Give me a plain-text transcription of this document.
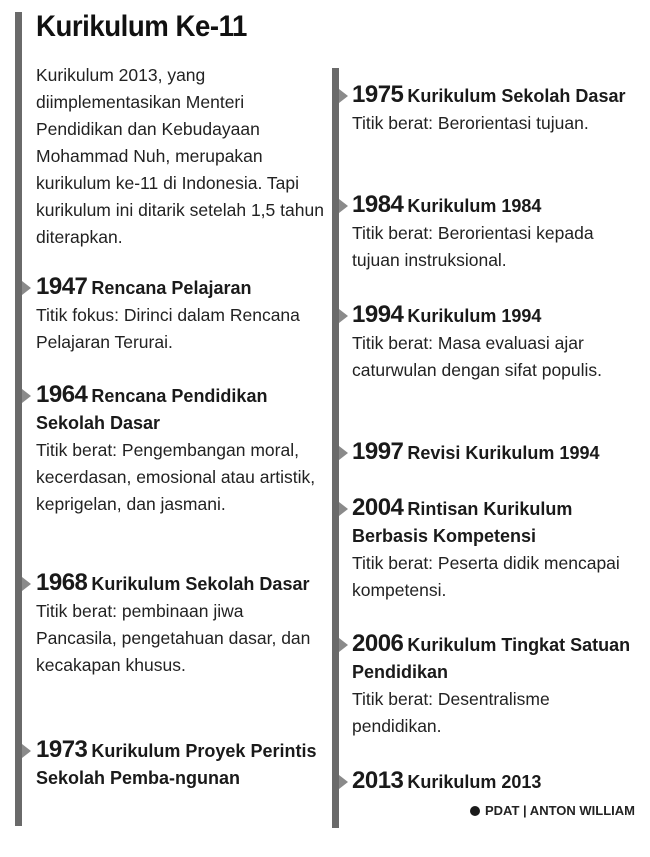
Kurikulum Ke-11
Kurikulum 2013, yang diimplementasikan Menteri Pendidikan dan Kebudayaan Mohammad Nuh, merupakan kurikulum ke-11 di Indonesia. Tapi kurikulum ini ditarik setelah 1,5 tahun diterapkan.
1947 Rencana Pelajaran
Titik fokus: Dirinci dalam Rencana Pelajaran Terurai.
1964 Rencana Pendidikan Sekolah Dasar
Titik berat: Pengembangan moral, kecerdasan, emosional atau artistik, keprigelan, dan jasmani.
1968 Kurikulum Sekolah Dasar
Titik berat: pembinaan jiwa Pancasila, pengetahuan dasar, dan kecakapan khusus.
1973 Kurikulum Proyek Perintis Sekolah Pemba-ngunan
1975 Kurikulum Sekolah Dasar
Titik berat: Berorientasi tujuan.
1984 Kurikulum 1984
Titik berat: Berorientasi kepada tujuan instruksional.
1994 Kurikulum 1994
Titik berat: Masa evaluasi ajar caturwulan dengan sifat populis.
1997 Revisi Kurikulum 1994
2004 Rintisan Kurikulum Berbasis Kompetensi
Titik berat: Peserta didik mencapai kompetensi.
2006 Kurikulum Tingkat Satuan Pendidikan
Titik berat: Desentralisme pendidikan.
2013 Kurikulum 2013
PDAT | ANTON WILLIAM
